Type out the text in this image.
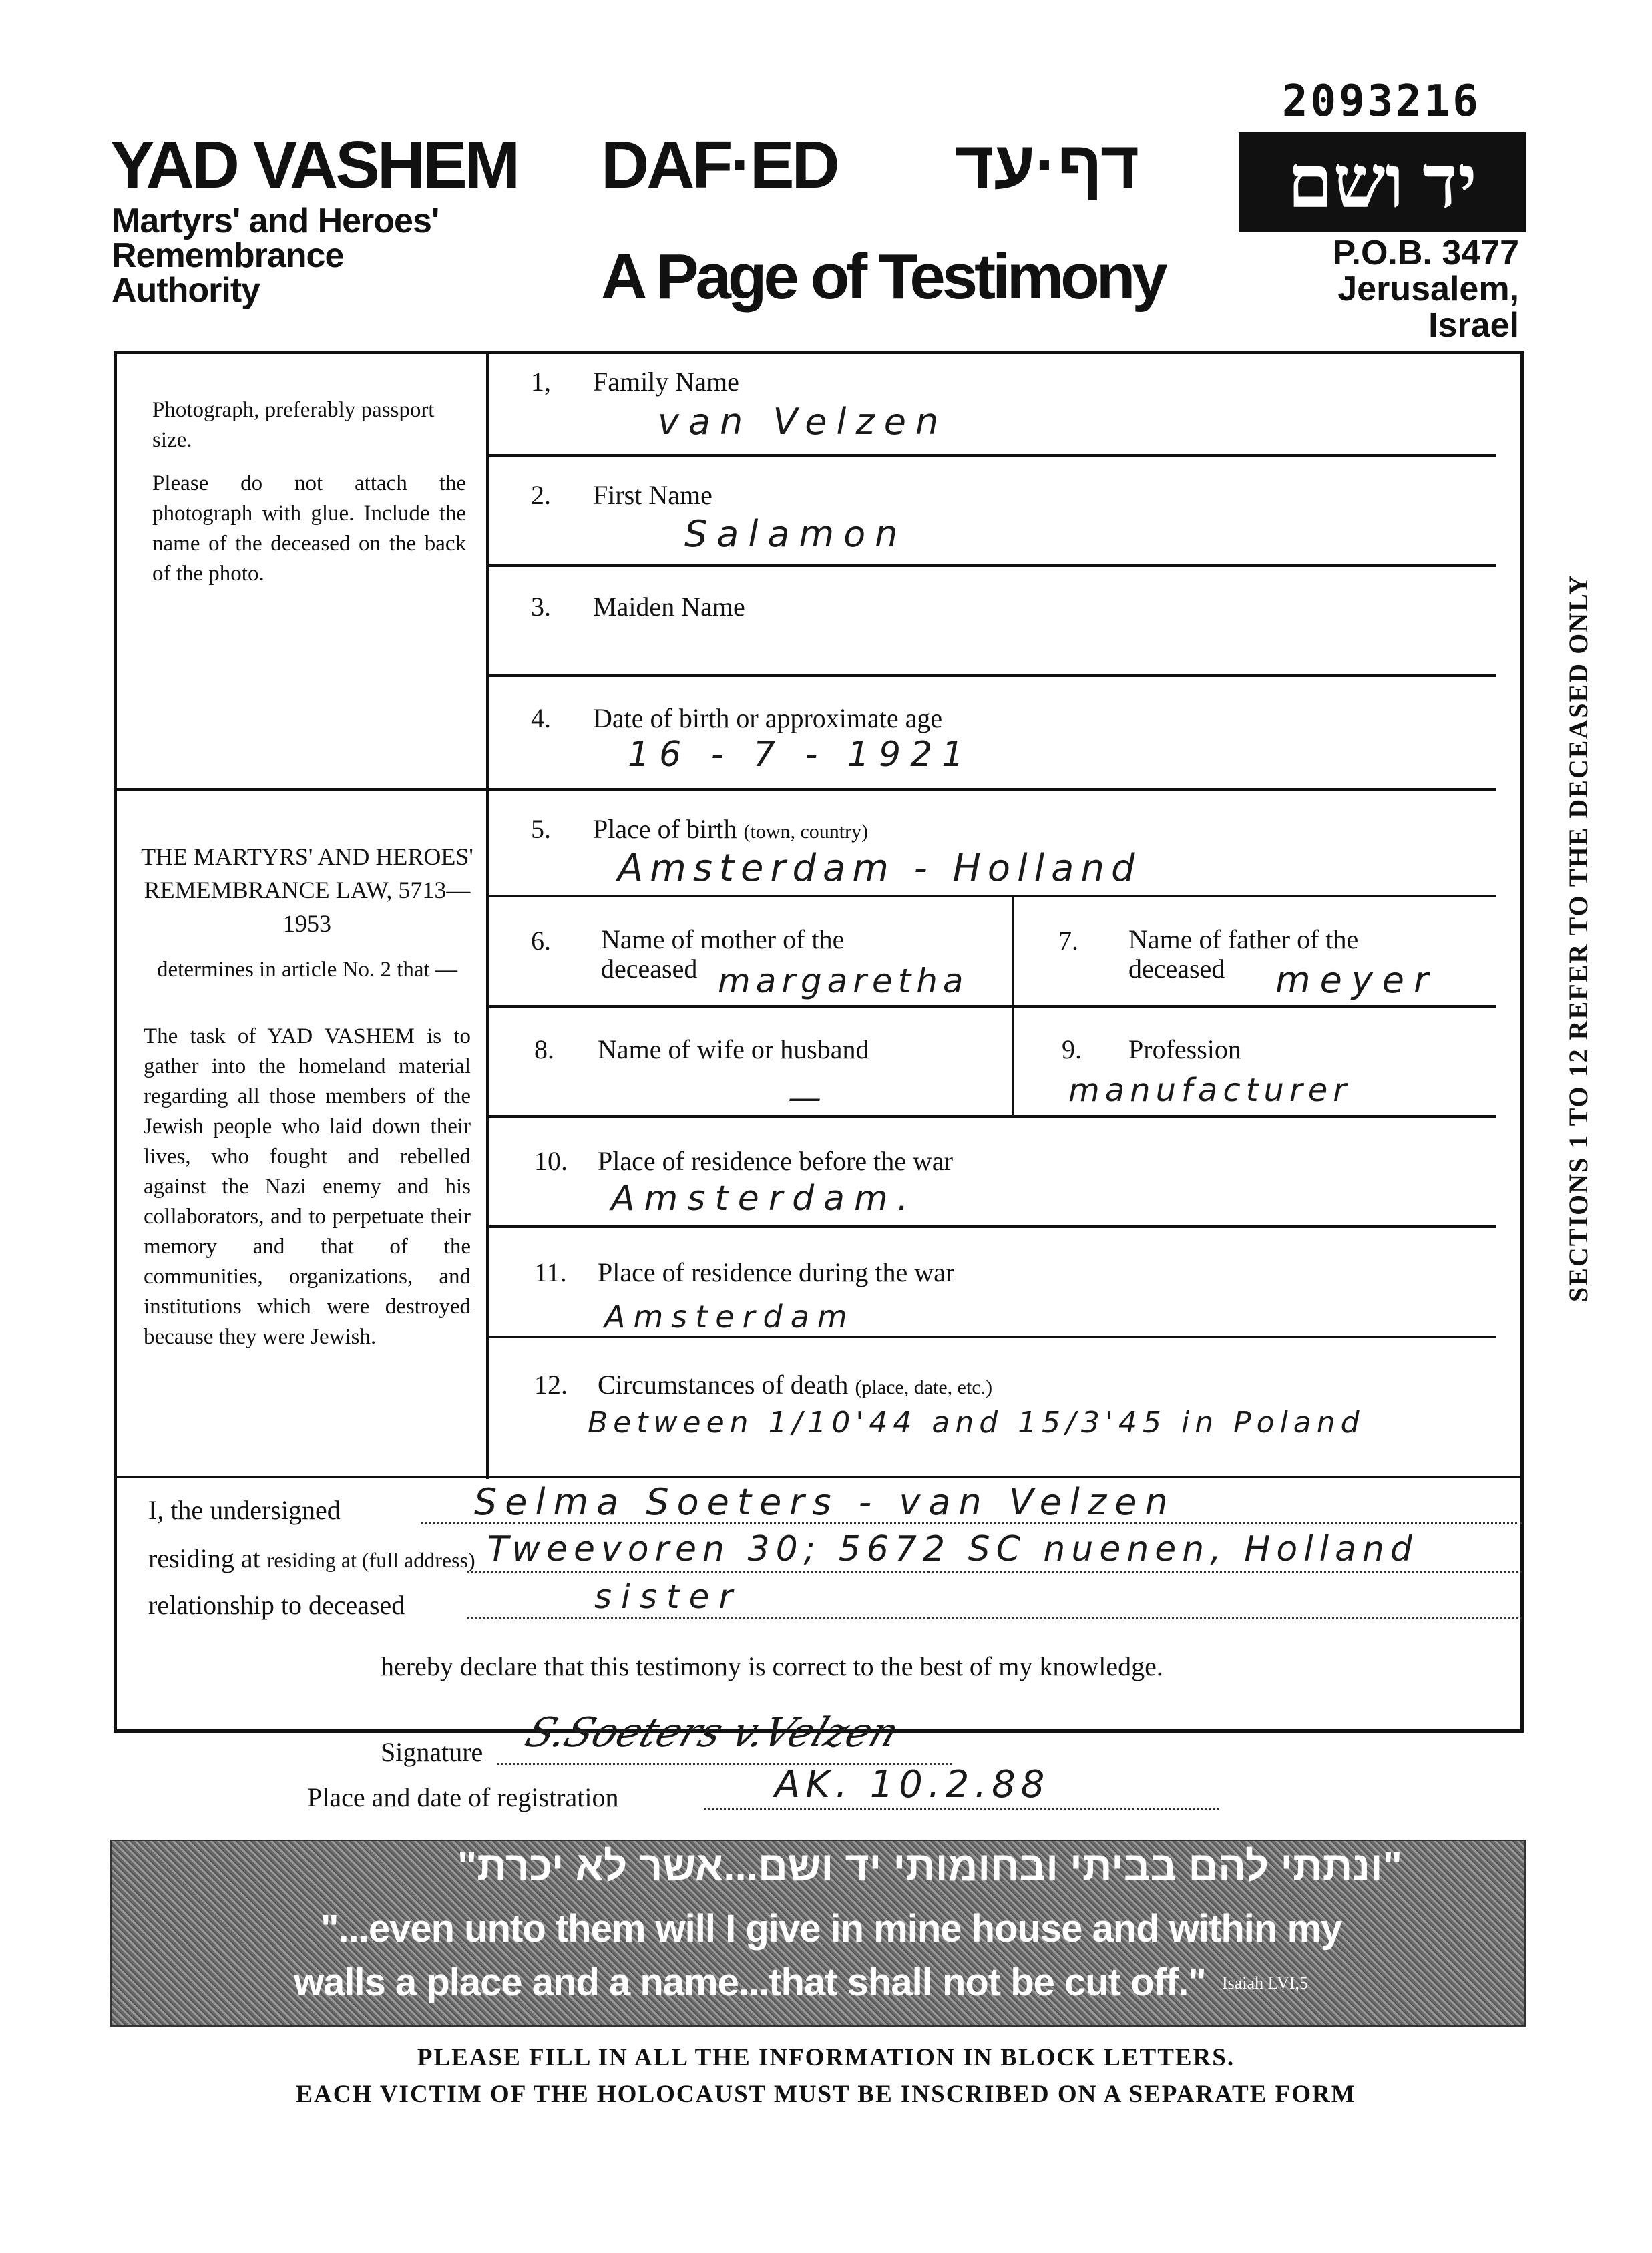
2093216
YAD VASHEM
Martyrs' and Heroes' Remembrance Authority
DAF·ED דף·עד
A Page of Testimony
יד ושם
P.O.B. 3477
Jerusalem, Israel
Photograph, preferably passport size.
Please do not attach the photograph with glue. Include the name of the deceased on the back of the photo.
THE MARTYRS' AND HEROES' REMEMBRANCE LAW, 5713—1953
determines in article No. 2 that —
The task of YAD VASHEM is to gather into the homeland material regarding all those members of the Jewish people who laid down their lives, who fought and rebelled against the Nazi enemy and his collaborators, and to perpetuate their memory and that of the communities, organizations, and institutions which were destroyed because they were Jewish.
1, Family Name
van Velzen
2. First Name
Salamon
3. Maiden Name
4. Date of birth or approximate age
16 - 7 - 1921
5. Place of birth (town, country)
Amsterdam - Holland
6. Name of mother of the deceased margaretha
7. Name of father of the deceased	meyer
8. Name of wife or husband
—
9. Profession
manufacturer
10. Place of residence before the war
Amsterdam.
11. Place of residence during the war
Amsterdam
12. Circumstances of death (place, date, etc.)
Between 1/10'44 and 15/3'45 in Poland
SECTIONS 1 TO 12 REFER TO THE DECEASED ONLY
I, the undersigned	Selma Soeters - van Velzen
residing at residing at (full address) Tweevoren 30; 5672 SC nuenen, Holland
relationship to deceased	sister
hereby declare that this testimony is correct to the best of my knowledge.
Signature S.Soeters v.Velzen
Place and date of registration	AK. 10.2.88
"ונתתי להם בביתי ובחומותי יד ושם...אשר לא יכרת"
"...even unto them will I give in mine house and within my
walls a place and a name...that shall not be cut off." Isaiah LVI,5
PLEASE FILL IN ALL THE INFORMATION IN BLOCK LETTERS.
EACH VICTIM OF THE HOLOCAUST MUST BE INSCRIBED ON A SEPARATE FORM
